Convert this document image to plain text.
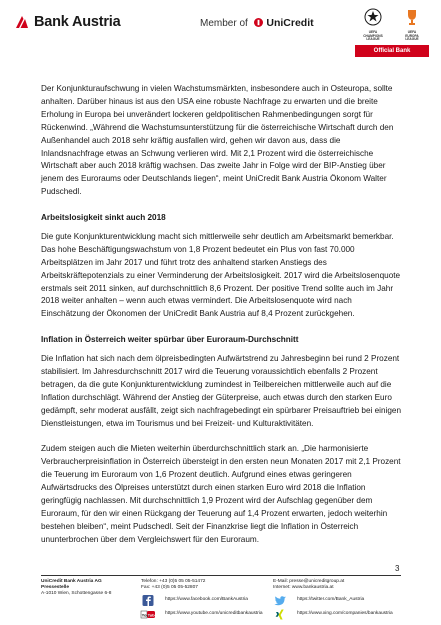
Bank Austria	Member of UniCredit
UEFA
CHAMPIONS
LEAGUE
UEFA
EUROPA
LEAGUE
Official Bank

Der Konjunkturaufschwung in vielen Wachstumsmärkten, insbesondere auch in Osteuropa, sollte anhalten. Darüber hinaus ist aus den USA eine robuste Nachfrage zu erwarten und die breite Erholung in Europa bei unverändert lockeren geldpolitischen Rahmenbedingungen sorgt für Rückenwind. „Während die Wachstumsunterstützung für die österreichische Wirtschaft durch den Außenhandel auch 2018 sehr kräftig ausfallen wird, gehen wir davon aus, dass die Inlandsnachfrage etwas an Schwung verlieren wird. Mit 2,1 Prozent wird die österreichische Wirtschaft aber auch 2018 kräftig wachsen. Das zweite Jahr in Folge wird der BIP-Anstieg über jenem des Euroraums oder Deutschlands liegen“, meint UniCredit Bank Austria Ökonom Walter Pudschedl.

Arbeitslosigkeit sinkt auch 2018

Die gute Konjunkturentwicklung macht sich mittlerweile sehr deutlich am Arbeitsmarkt bemerkbar. Das hohe Beschäftigungswachstum von 1,8 Prozent bedeutet ein Plus von fast 70.000 Arbeitsplätzen im Jahr 2017 und führt trotz des anhaltend starken Anstiegs des Arbeitskräftepotenzials zu einer Verminderung der Arbeitslosigkeit. 2017 wird die Arbeitslosenquote erstmals seit 2011 sinken, auf durchschnittlich 8,6 Prozent. Der positive Trend sollte auch im Jahr 2018 weiter anhalten – wenn auch etwas vermindert. Die Arbeitslosenquote wird nach Einschätzung der Ökonomen der UniCredit Bank Austria auf 8,4 Prozent zurückgehen.

Inflation in Österreich weiter spürbar über Euroraum-Durchschnitt

Die Inflation hat sich nach dem ölpreisbedingten Aufwärtstrend zu Jahresbeginn bei rund 2 Prozent stabilisiert. Im Jahresdurchschnitt 2017 wird die Teuerung voraussichtlich ebenfalls 2 Prozent betragen, da die gute Konjunkturentwicklung zumindest in Teilbereichen mittlerweile auch auf die Inflation durchschlägt. Während der Anstieg der Güterpreise, auch etwas durch den starken Euro gedämpft, sehr moderat ausfällt, zeigt sich nachfragebedingt ein spürbarer Preisauftrieb bei einigen Dienstleistungen, etwa im Tourismus und bei Freizeit- und Kulturaktivitäten.

Zudem steigen auch die Mieten weiterhin überdurchschnittlich stark an. „Die harmonisierte Verbraucherpreisinflation in Österreich übersteigt in den ersten neun Monaten 2017 mit 2,1 Prozent die Teuerung im Euroraum von 1,6 Prozent deutlich. Aufgrund eines etwas geringeren Aufwärtsdrucks des Ölpreises unterstützt durch einen starken Euro wird 2018 die Inflation geringfügig nachlassen. Mit durchschnittlich 1,9 Prozent wird der Aufschlag gegenüber dem Euroraum, für den wir einen Rückgang der Teuerung auf 1,4 Prozent erwarten, jedoch weiterhin bestehen bleiben“, meint Pudschedl. Seit der Finanzkrise liegt die Inflation in Österreich ununterbrochen über dem Vergleichswert für den Euroraum.

3
UniCredit Bank Austria AG
Pressestelle
A-1010 Wien, Schottengasse 6-8
Telefon: +43 (0)5 05 05-51472
Fax: +43 (0)5 05 05-52807
E-Mail: presse@unicreditgroup.at
Internet: www.bankaustria.at
https://www.facebook.com/BankAustria
You
Tube https://www.youtube.com/unicreditbankaustria
https://twitter.com/Bank_Austria
https://www.xing.com/companies/bankaustria
